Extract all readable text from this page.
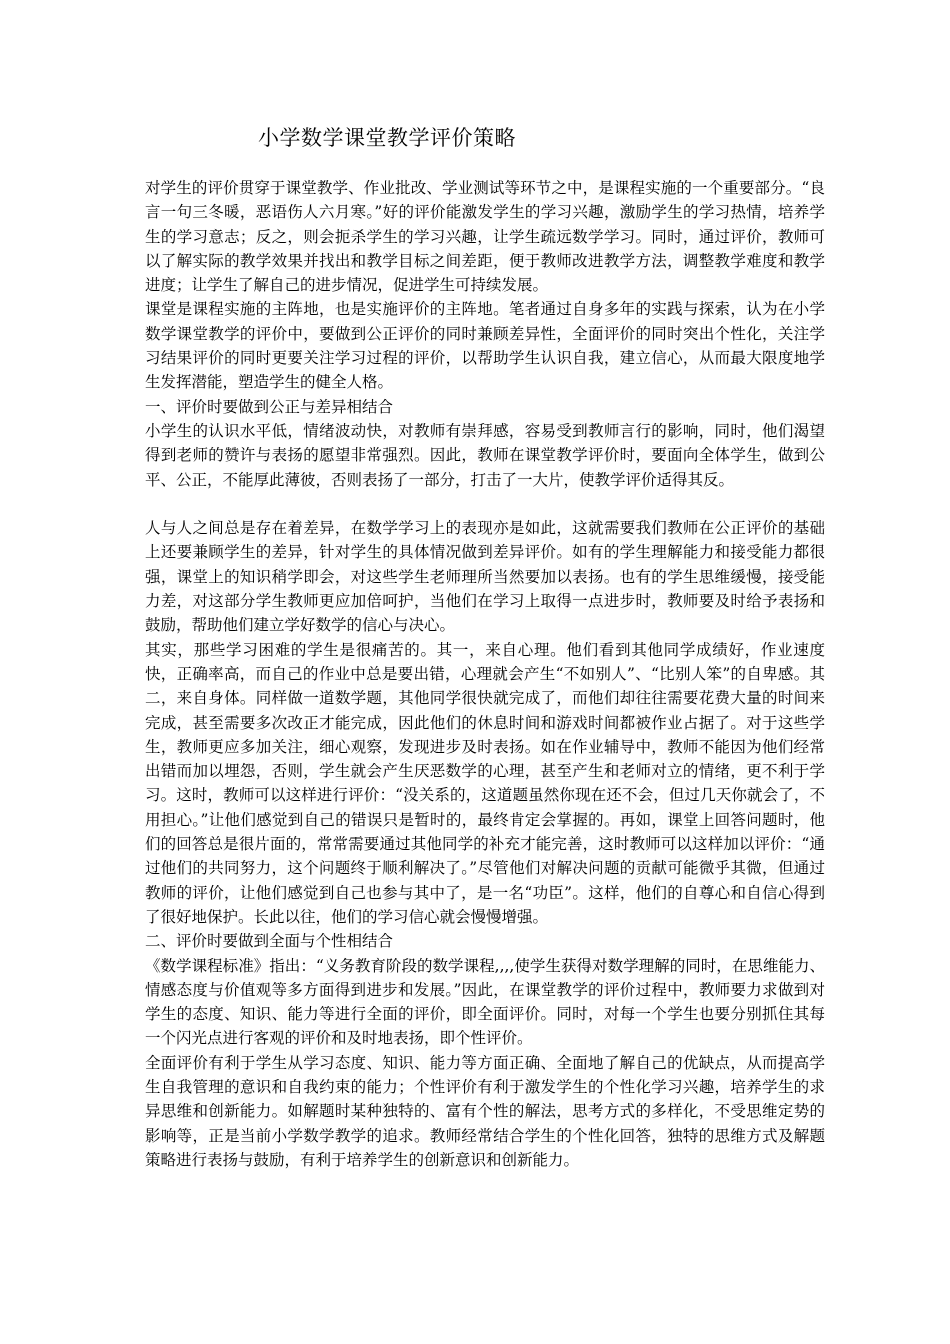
小学数学课堂教学评价策略

对学生的评价贯穿于课堂教学、作业批改、学业测试等环节之中，是课程实施的一个重要部分。“良言一句三冬暖，恶语伤人六月寒。”好的评价能激发学生的学习兴趣，激励学生的学习热情，培养学生的学习意志；反之，则会扼杀学生的学习兴趣，让学生疏远数学学习。同时，通过评价，教师可以了解实际的教学效果并找出和教学目标之间差距，便于教师改进教学方法，调整教学难度和教学进度；让学生了解自己的进步情况，促进学生可持续发展。

课堂是课程实施的主阵地，也是实施评价的主阵地。笔者通过自身多年的实践与探索，认为在小学数学课堂教学的评价中，要做到公正评价的同时兼顾差异性，全面评价的同时突出个性化，关注学习结果评价的同时更要关注学习过程的评价，以帮助学生认识自我，建立信心，从而最大限度地学生发挥潜能，塑造学生的健全人格。

一、评价时要做到公正与差异相结合

小学生的认识水平低，情绪波动快，对教师有崇拜感，容易受到教师言行的影响，同时，他们渴望得到老师的赞许与表扬的愿望非常强烈。因此，教师在课堂教学评价时，要面向全体学生，做到公平、公正，不能厚此薄彼，否则表扬了一部分，打击了一大片，使教学评价适得其反。

人与人之间总是存在着差异，在数学学习上的表现亦是如此，这就需要我们教师在公正评价的基础上还要兼顾学生的差异，针对学生的具体情况做到差异评价。如有的学生理解能力和接受能力都很强，课堂上的知识稍学即会，对这些学生老师理所当然要加以表扬。也有的学生思维缓慢，接受能力差，对这部分学生教师更应加倍呵护，当他们在学习上取得一点进步时，教师要及时给予表扬和鼓励，帮助他们建立学好数学的信心与决心。

其实，那些学习困难的学生是很痛苦的。其一，来自心理。他们看到其他同学成绩好，作业速度快，正确率高，而自己的作业中总是要出错，心理就会产生“不如别人”、“比别人笨”的自卑感。其二，来自身体。同样做一道数学题，其他同学很快就完成了，而他们却往往需要花费大量的时间来完成，甚至需要多次改正才能完成，因此他们的休息时间和游戏时间都被作业占据了。对于这些学生，教师更应多加关注，细心观察，发现进步及时表扬。如在作业辅导中，教师不能因为他们经常出错而加以埋怨，否则，学生就会产生厌恶数学的心理，甚至产生和老师对立的情绪，更不利于学习。这时，教师可以这样进行评价：“没关系的，这道题虽然你现在还不会，但过几天你就会了，不用担心。”让他们感觉到自己的错误只是暂时的，最终肯定会掌握的。再如，课堂上回答问题时，他们的回答总是很片面的，常常需要通过其他同学的补充才能完善，这时教师可以这样加以评价：“通过他们的共同努力，这个问题终于顺利解决了。”尽管他们对解决问题的贡献可能微乎其微，但通过教师的评价，让他们感觉到自己也参与其中了，是一名“功臣”。这样，他们的自尊心和自信心得到了很好地保护。长此以往，他们的学习信心就会慢慢增强。

二、评价时要做到全面与个性相结合

《数学课程标准》指出：“义务教育阶段的数学课程,,,,使学生获得对数学理解的同时，在思维能力、情感态度与价值观等多方面得到进步和发展。”因此，在课堂教学的评价过程中，教师要力求做到对学生的态度、知识、能力等进行全面的评价，即全面评价。同时，对每一个学生也要分别抓住其每一个闪光点进行客观的评价和及时地表扬，即个性评价。

全面评价有利于学生从学习态度、知识、能力等方面正确、全面地了解自己的优缺点，从而提高学生自我管理的意识和自我约束的能力；个性评价有利于激发学生的个性化学习兴趣，培养学生的求异思维和创新能力。如解题时某种独特的、富有个性的解法，思考方式的多样化，不受思维定势的影响等，正是当前小学数学教学的追求。教师经常结合学生的个性化回答，独特的思维方式及解题策略进行表扬与鼓励，有利于培养学生的创新意识和创新能力。
